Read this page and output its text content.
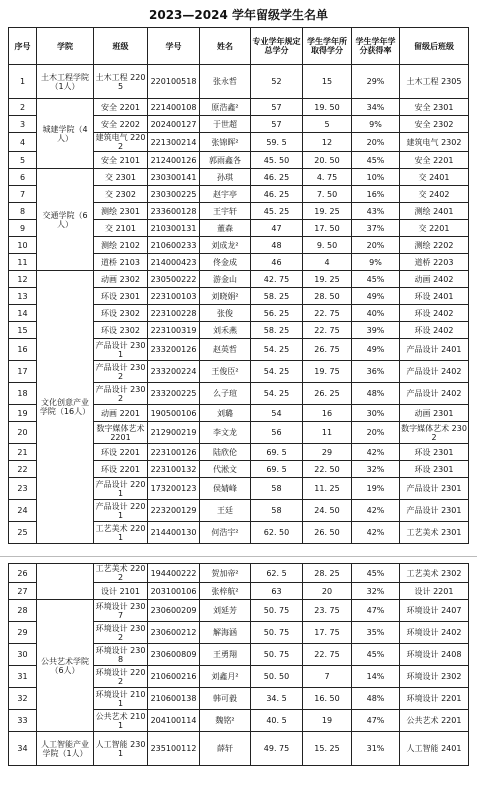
2023—2024 学年留级学生名单
序号	学院	班级	学号	姓名	专业学年规定总学分	学生学年所取得学分	学生学年学分获得率	留级后班级
1	土木工程学院（1人）	土木工程 2205	220100518	张永哲	52	15	29%	土木工程 2305
2	城建学院（4人）	安全 2201	221400108	原浩鑫²	57	19. 50	34%	安全 2301
3		安全 2202	202400127	于世超	57	5	9%	安全 2302
4		建筑电气 2202	221300214	张锦晖²	59. 5	12	20%	建筑电气 2302
5		安全 2101	212400126	郭雨鑫各	45. 50	20. 50	45%	安全 2201
6	交通学院（6人）	交 2301	230300141	孙琪	46. 25	4. 75	10%	交 2401
7		交 2302	230300225	赵宇亭	46. 25	7. 50	16%	交 2402
8		测绘 2301	233600128	王宇轩	45. 25	19. 25	43%	测绘 2401
9		交 2101	210300131	董森	47	17. 50	37%	交 2201
10		测绘 2102	210600233	刘成龙²	48	9. 50	20%	测绘 2202
11		道桥 2103	214000423	佟金成	46	4	9%	道桥 2203
12	文化创意产业学院（16人）	动画 2302	230500222	游金山	42. 75	19. 25	45%	动画 2402
13		环设 2301	223100103	刘晓娟²	58. 25	28. 50	49%	环设 2401
14		环设 2302	223100228	张俊	56. 25	22. 75	40%	环设 2402
15		环设 2302	223100319	刘禾燕	58. 25	22. 75	39%	环设 2402
16		产品设计 2301	233200126	赵英哲	54. 25	26. 75	49%	产品设计 2401
17		产品设计 2302	233200224	王俊臣²	54. 25	19. 75	36%	产品设计 2402
18		产品设计 2302	233200225	么子瑄	54. 25	26. 25	48%	产品设计 2402
19		动画 2201	190500106	刘璐	54	16	30%	动画 2301
20		数字媒体艺术 2201	212900219	李文龙	56	11	20%	数字媒体艺术 2302
21		环设 2201	223100126	陆欣伦	69. 5	29	42%	环设 2301
22		环设 2201	223100132	代淞文	69. 5	22. 50	32%	环设 2301
23		产品设计 2201	173200123	侯婧峰	58	11. 25	19%	产品设计 2301
24		产品设计 2201	223200129	王廷	58	24. 50	42%	产品设计 2301
25		工艺美术 2201	214400130	何浩宇²	62. 50	26. 50	42%	工艺美术 2301
26		工艺美术 2202	194400222	贺加帝²	62. 5	28. 25	45%	工艺美术 2302
27		设计 2101	203100106	张梓航²	63	20	32%	设计 2201
28	公共艺术学院（6人）	环境设计 2307	230600209	刘延芳	50. 75	23. 75	47%	环境设计 2407
29		环境设计 2302	230600212	解海涵	50. 75	17. 75	35%	环境设计 2402
30		环境设计 2308	230600809	王勇翔	50. 75	22. 75	45%	环境设计 2408
31		环境设计 2202	210600216	刘鑫月²	50. 50	7	14%	环境设计 2302
32		环境设计 2101	210600138	韩可毅	34. 5	16. 50	48%	环境设计 2201
33		公共艺术 2101	204100114	魏铭²	40. 5	19	47%	公共艺术 2201
34	人工智能产业学院（1人）	人工智能 2301	235100112	薛轩	49. 75	15. 25	31%	人工智能 2401
